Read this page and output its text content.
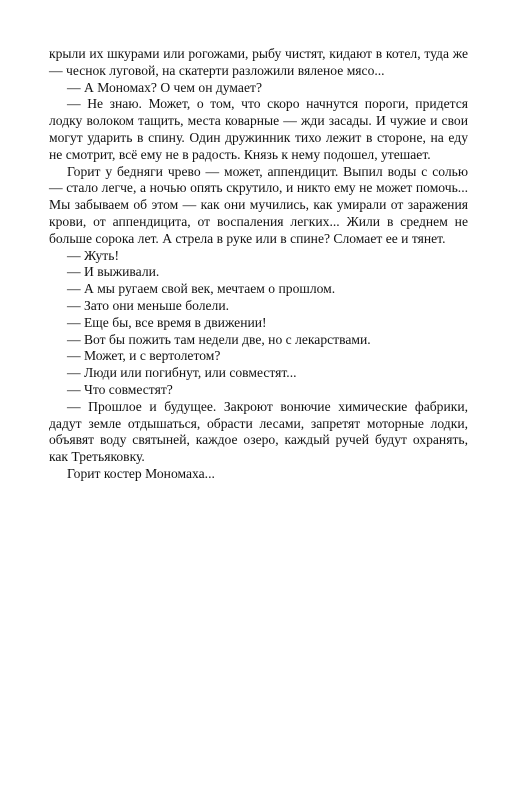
крыли их шкурами или рогожами, рыбу чистят, кидают в котел, туда же — чеснок луговой, на скатерти разложили вяленое мясо...

— А Мономах? О чем он думает?

— Не знаю. Может, о том, что скоро начнутся пороги, придется лодку волоком тащить, места коварные — жди засады. И чужие и свои могут ударить в спину. Один дружинник тихо лежит в стороне, на еду не смотрит, всё ему не в радость. Князь к нему подошел, утешает.

Горит у бедняги чрево — может, аппендицит. Выпил воды с солью — стало легче, а ночью опять скрутило, и никто ему не может помочь... Мы забываем об этом — как они мучились, как умирали от заражения крови, от аппендицита, от воспаления легких... Жили в среднем не больше сорока лет. А стрела в руке или в спине? Сломает ее и тянет.

— Жуть!

— И выживали.

— А мы ругаем свой век, мечтаем о прошлом.

— Зато они меньше болели.

— Еще бы, все время в движении!

— Вот бы пожить там недели две, но с лекарствами.

— Может, и с вертолетом?

— Люди или погибнут, или совместят...

— Что совместят?

— Прошлое и будущее. Закроют вонючие химические фабрики, дадут земле отдышаться, обрасти лесами, запретят моторные лодки, объявят воду святыней, каждое озеро, каждый ручей будут охранять, как Третьяковку.

Горит костер Мономаха...
